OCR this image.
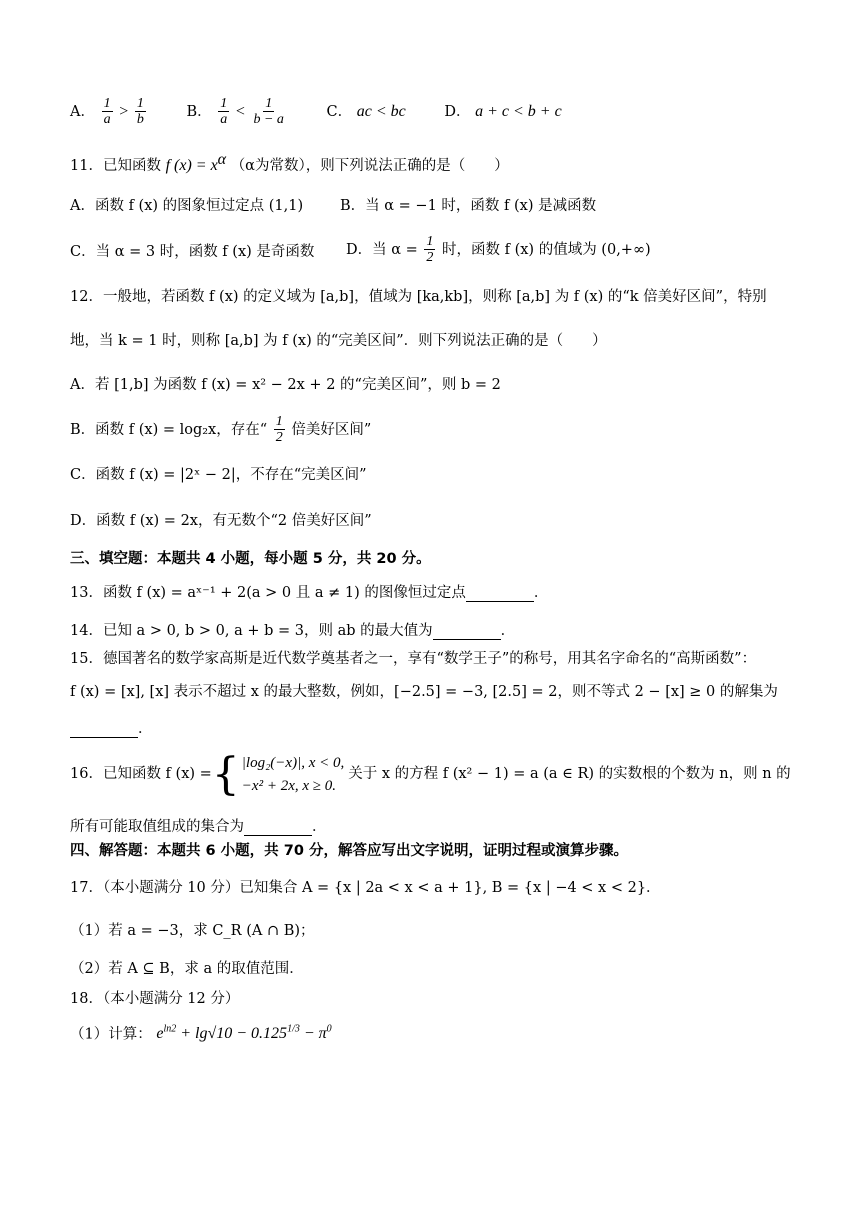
A． $\frac{1}{a} > \frac{1}{b}$	B． $\frac{1}{a} < \frac{1}{b - a}$	C． ac < bc	D． a + c < b + c
11．已知函数 f $(x) = x^\alpha$ （α为常数），则下列说法正确的是（　　）
A．函数 f (x) 的图象恒过定点 (1,1)	B．当 α = −1 时，函数 f (x) 是减函数
C．当 α = 3 时，函数 f (x) 是奇函数 D．当 $\alpha = \frac{1}{2}$ 时，函数 f (x) 的值域为 (0,+∞)
12．一般地，若函数 f (x) 的定义域为 [a,b]，值域为 [ka,kb]，则称 [a,b] 为 f (x) 的“k 倍美好区间”，特别
地，当 k = 1 时，则称 [a,b] 为 f (x) 的“完美区间”．则下列说法正确的是（　　）
A．若 [1,b] 为函数 f (x) = x² − 2x + 2 的“完美区间”，则 b = 2
B．函数 f (x) = log₂x，存在“ $\frac{1}{2}$ 倍美好区间”
C．函数 f (x) = |2ˣ − 2|，不存在“完美区间”
D．函数 f (x) = 2x，有无数个“2 倍美好区间”
三、填空题：本题共 4 小题，每小题 5 分，共 20 分。
13．函数 f (x) = aˣ⁻¹ + 2(a > 0 且 a ≠ 1) 的图像恒过定点	．
14．已知 a > 0, b > 0, a + b = 3，则 ab 的最大值为	．
15．德国著名的数学家高斯是近代数学奠基者之一，享有“数学王子”的称号，用其名字命名的“高斯函数”：
f (x) = [x], [x] 表示不超过 x 的最大整数，例如，[−2.5] = −3, [2.5] = 2，则不等式 2 − [x] ≥ 0 的解集为
．
16．已知函数 f (x) = { |log₂(−x)|, x < 0,
−x² + 2x, x ≥ 0.
关于 x 的方程 f (x² − 1) = a (a ∈ R) 的实数根的个数为 n，则 n 的
所有可能取值组成的集合为	．
四、解答题：本题共 6 小题，共 70 分，解答应写出文字说明，证明过程或演算步骤。
17．（本小题满分 10 分）已知集合 A = {x | 2a < x < a + 1}, B = {x | −4 < x < 2}．
（1）若 a = −3，求 C_R (A ∩ B)；
（2）若 A ⊆ B，求 a 的取值范围．
18．（本小题满分 12 分）
（1）计算： $e^{ln2} + \lg√10 - 0.125^{1/3} - \pi^0$
